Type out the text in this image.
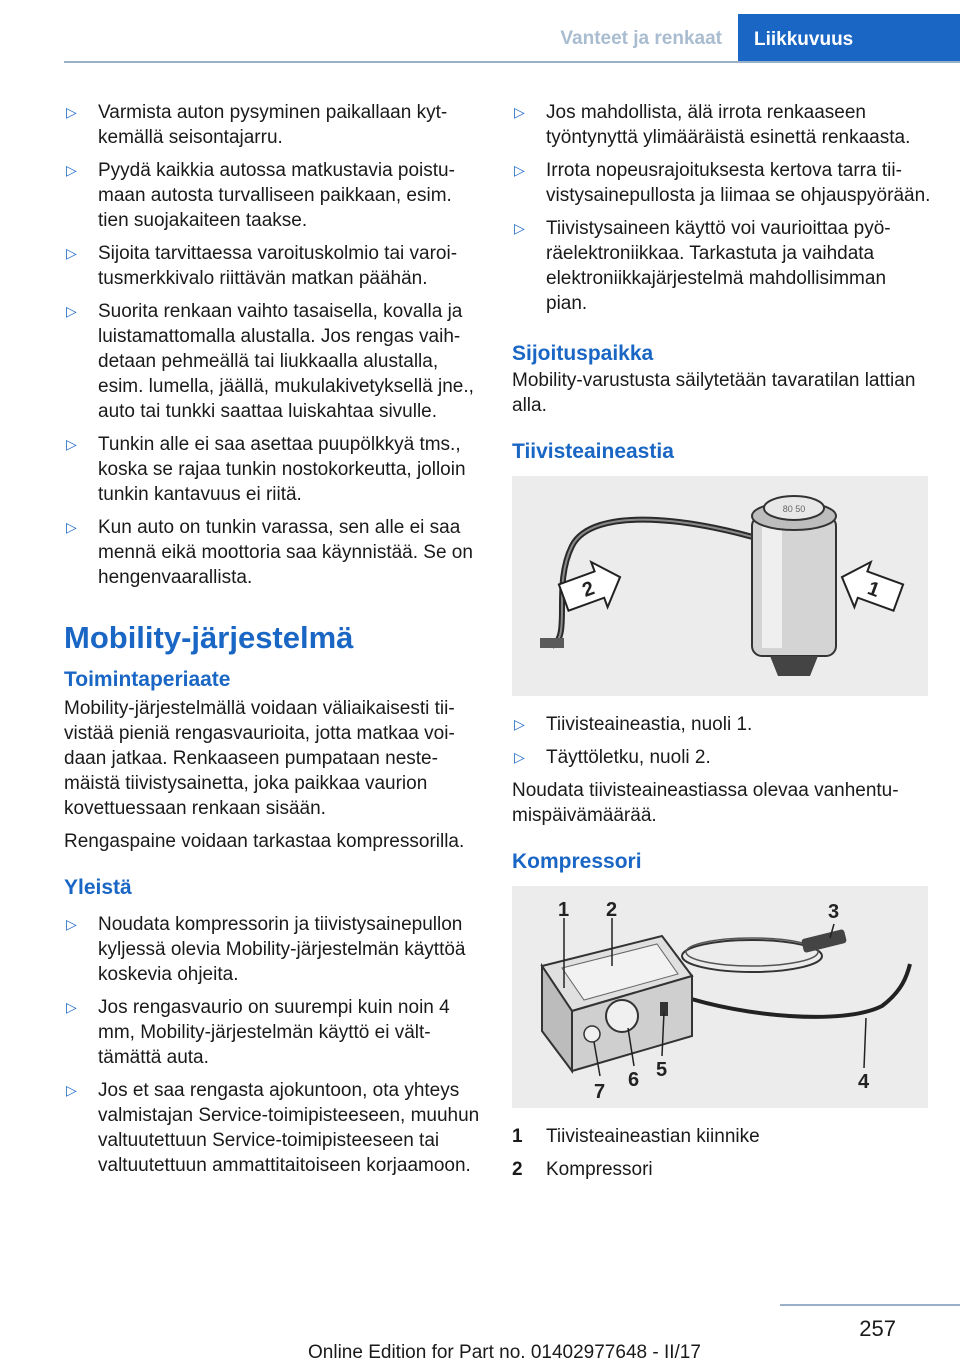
Vanteet ja renkaat	Liikkuvuus
▷	Varmista auton pysyminen paikallaan kytkemällä seisontajarru.
▷	Pyydä kaikkia autossa matkustavia poistumaan autosta turvalliseen paikkaan, esim. tien suojakaiteen taakse.
▷	Sijoita tarvittaessa varoituskolmio tai varoitusmerkkivalo riittävän matkan päähän.
▷	Suorita renkaan vaihto tasaisella, kovalla ja luistamattomalla alustalla. Jos rengas vaihdetaan pehmeällä tai liukkaalla alustalla, esim. lumella, jäällä, mukulakivetyksellä jne., auto tai tunkki saattaa luiskahtaa sivulle.
▷	Tunkin alle ei saa asettaa puupölkkyä tms., koska se rajaa tunkin nostokorkeutta, jolloin tunkin kantavuus ei riitä.
▷	Kun auto on tunkin varassa, sen alle ei saa mennä eikä moottoria saa käynnistää. Se on hengenvaarallista.
Mobility-järjestelmä
Toimintaperiaate
Mobility-järjestelmällä voidaan väliaikaisesti tiivistää pieniä rengasvaurioita, jotta matkaa voidaan jatkaa. Renkaaseen pumpataan nestemäistä tiivistysainetta, joka paikkaa vaurion kovettuessaan renkaan sisään.
Rengaspaine voidaan tarkastaa kompressorilla.
Yleistä
▷	Noudata kompressorin ja tiivistysainepullon kyljessä olevia Mobility-järjestelmän käyttöä koskevia ohjeita.
▷	Jos rengasvaurio on suurempi kuin noin 4 mm, Mobility-järjestelmän käyttö ei välttämättä auta.
▷	Jos et saa rengasta ajokuntoon, ota yhteys valmistajan Service-toimipisteeseen, muuhun valtuutettuun Service-toimipisteeseen tai valtuutettuun ammattitaitoiseen korjaamoon.
▷	Jos mahdollista, älä irrota renkaaseen työntynyttä ylimääräistä esinettä renkaasta.
▷	Irrota nopeusrajoituksesta kertova tarra tiivistysainepullosta ja liimaa se ohjauspyörään.
▷	Tiivistysaineen käyttö voi vaurioittaa pyöräelektroniikkaa. Tarkastuta ja vaihdata elektroniikkajärjestelmä mahdollisimman pian.
Sijoituspaikka
Mobility-varustusta säilytetään tavaratilan lattian alla.
Tiivisteaineastia
80 50
2	1
▷	Tiivisteaineastia, nuoli 1.
▷	Täyttöletku, nuoli 2.
Noudata tiivisteaineastiassa olevaa vanhentumispäivämäärää.
Kompressori
1 2	3
4
5
6
7
1	Tiivisteaineastian kiinnike
2	Kompressori
257
Online Edition for Part no. 01402977648 - II/17
